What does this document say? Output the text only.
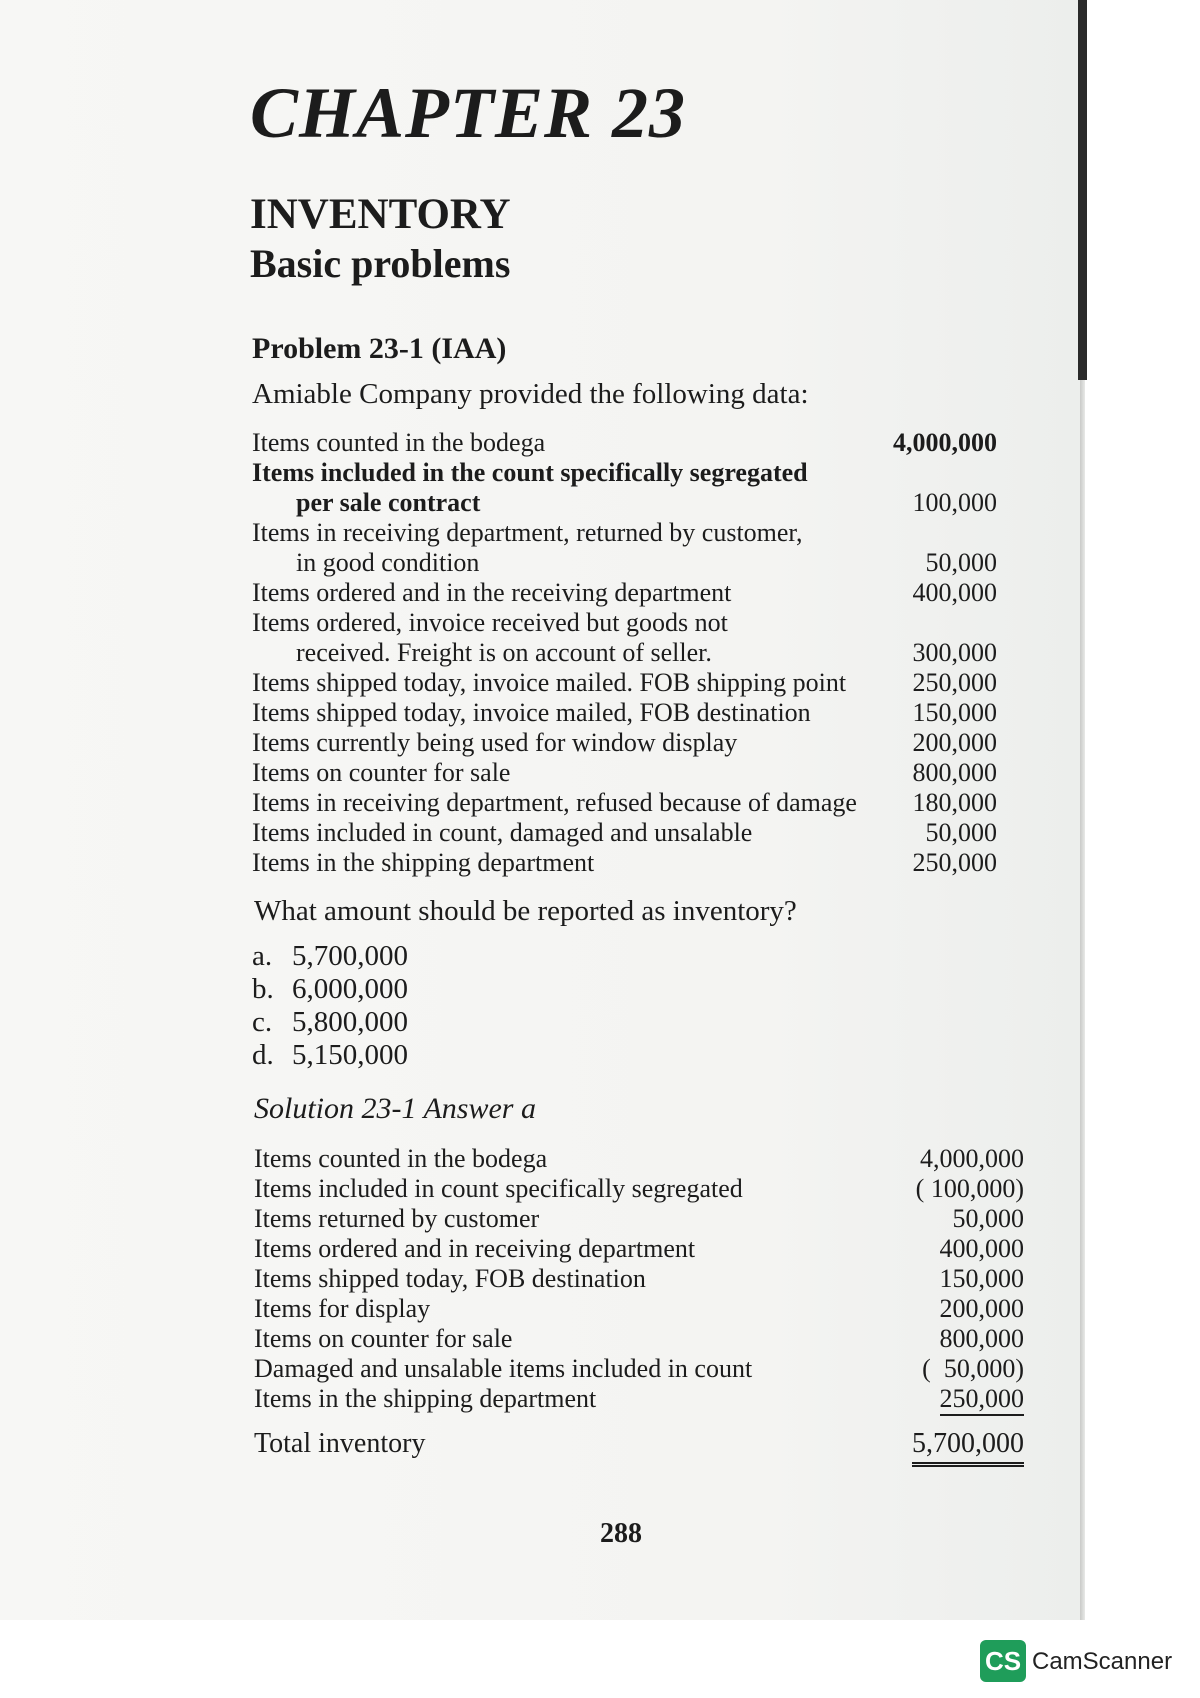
CHAPTER 23
INVENTORY
Basic problems
Problem 23-1 (IAA)
Amiable Company provided the following data:
Items counted in the bodega	4,000,000
Items included in the count specifically segregated
per sale contract	100,000
Items in receiving department, returned by customer,
in good condition	50,000
Items ordered and in the receiving department	400,000
Items ordered, invoice received but goods not
received. Freight is on account of seller.	300,000
Items shipped today, invoice mailed. FOB shipping point	250,000
Items shipped today, invoice mailed, FOB destination	150,000
Items currently being used for window display	200,000
Items on counter for sale	800,000
Items in receiving department, refused because of damage	180,000
Items included in count, damaged and unsalable	50,000
Items in the shipping department	250,000
What amount should be reported as inventory?
a. 5,700,000
b. 6,000,000
c. 5,800,000
d. 5,150,000
Solution 23-1 Answer a
Items counted in the bodega	4,000,000
Items included in count specifically segregated	( 100,000)
Items returned by customer	50,000
Items ordered and in receiving department	400,000
Items shipped today, FOB destination	150,000
Items for display	200,000
Items on counter for sale	800,000
Damaged and unsalable items included in count	(  50,000)
Items in the shipping department	250,000
Total inventory	5,700,000
288
CS CamScanner
